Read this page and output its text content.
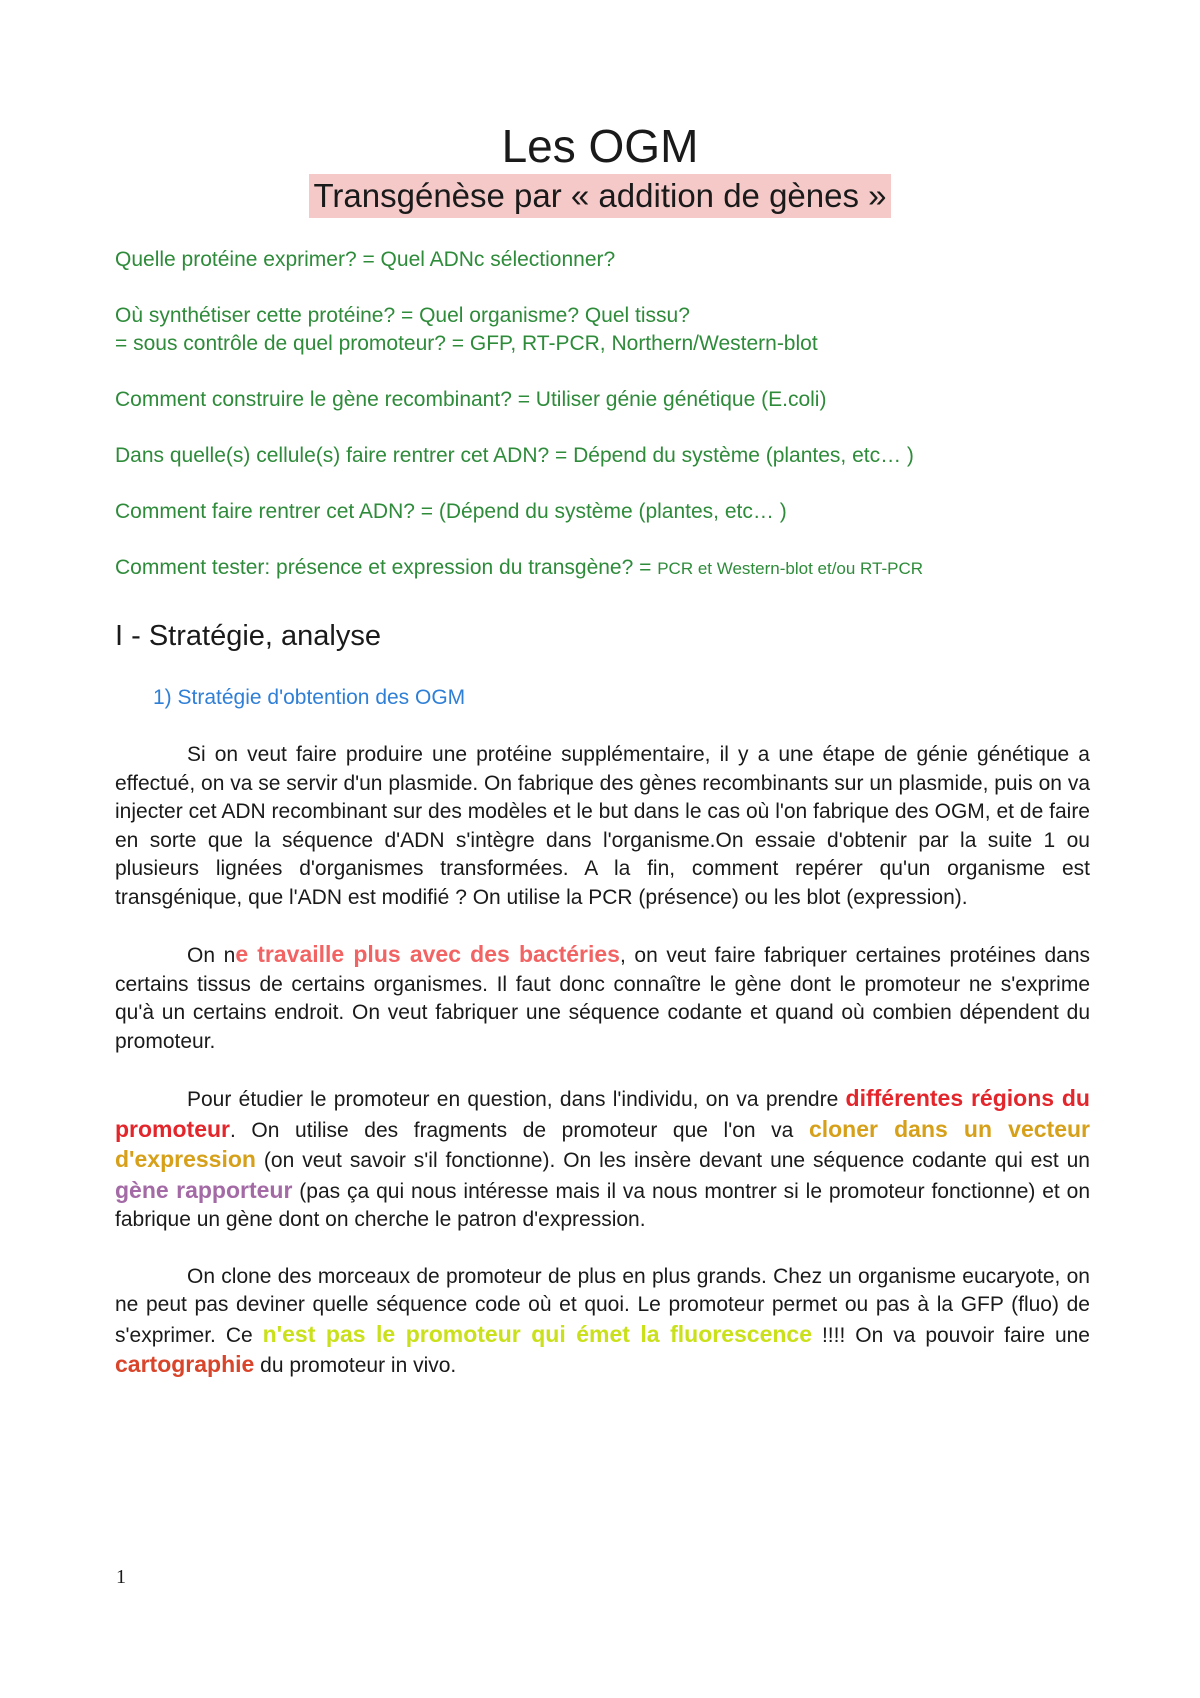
Les OGM
Transgénèse par « addition de gènes »

Quelle protéine exprimer? = Quel ADNc sélectionner?

Où synthétiser cette protéine? = Quel organisme? Quel tissu?
= sous contrôle de quel promoteur? = GFP, RT-PCR, Northern/Western-blot

Comment construire le gène recombinant? = Utiliser génie génétique (E.coli)

Dans quelle(s) cellule(s) faire rentrer cet ADN? = Dépend du système (plantes, etc… )

Comment faire rentrer cet ADN? = (Dépend du système (plantes, etc… )

Comment tester: présence et expression du transgène? = PCR et Western-blot et/ou RT-PCR

I - Stratégie, analyse
1) Stratégie d'obtention des OGM

Si on veut faire produire une protéine supplémentaire, il y a une étape de génie génétique a effectué, on va se servir d'un plasmide. On fabrique des gènes recombinants sur un plasmide, puis on va injecter cet ADN recombinant sur des modèles et le but dans le cas où l'on fabrique des OGM, et de faire en sorte que la séquence d'ADN s'intègre dans l'organisme.On essaie d'obtenir par la suite 1 ou plusieurs lignées d'organismes transformées. A la fin, comment repérer qu'un organisme est transgénique, que l'ADN est modifié ? On utilise la PCR (présence) ou les blot (expression).

On ne travaille plus avec des bactéries, on veut faire fabriquer certaines protéines dans certains tissus de certains organismes. Il faut donc connaître le gène dont le promoteur ne s'exprime qu'à un certains endroit. On veut fabriquer une séquence codante et quand où combien dépendent du promoteur.

Pour étudier le promoteur en question, dans l'individu, on va prendre différentes régions du promoteur. On utilise des fragments de promoteur que l'on va cloner dans un vecteur d'expression (on veut savoir s'il fonctionne). On les insère devant une séquence codante qui est un gène rapporteur (pas ça qui nous intéresse mais il va nous montrer si le promoteur fonctionne) et on fabrique un gène dont on cherche le patron d'expression.

On clone des morceaux de promoteur de plus en plus grands. Chez un organisme eucaryote, on ne peut pas deviner quelle séquence code où et quoi. Le promoteur permet ou pas à la GFP (fluo) de s'exprimer. Ce n'est pas le promoteur qui émet la fluorescence !!!! On va pouvoir faire une cartographie du promoteur in vivo.

1
